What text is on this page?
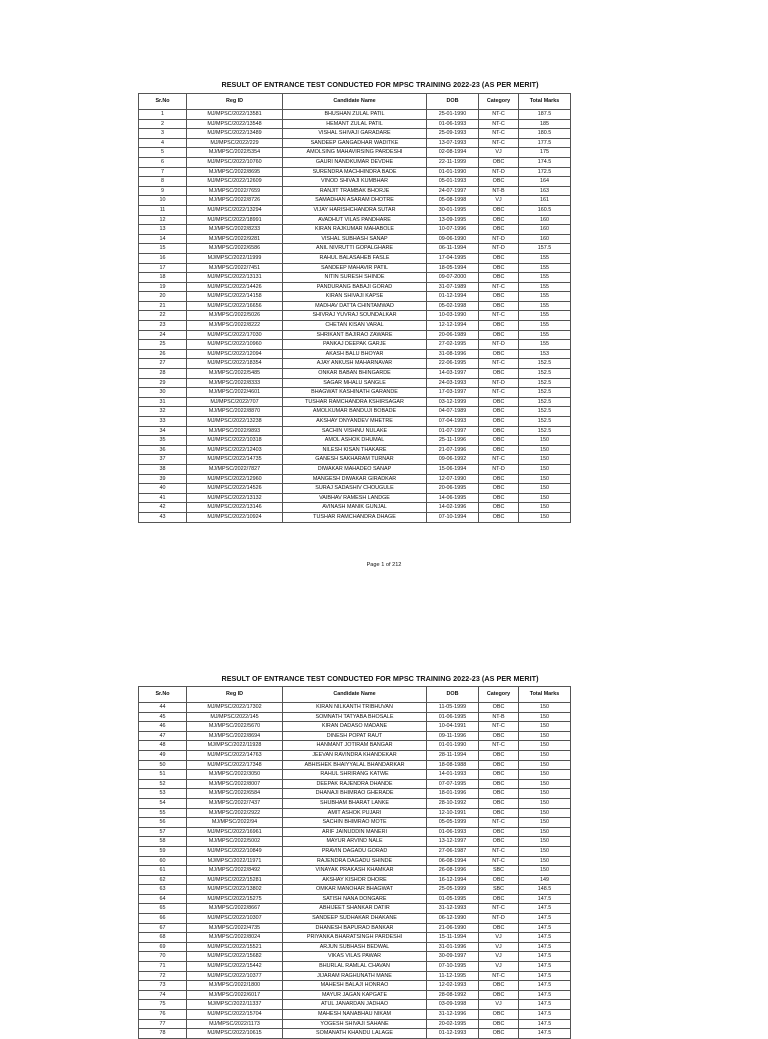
RESULT OF ENTRANCE TEST CONDUCTED FOR MPSC TRAINING 2022-23 (AS PER MERIT)
Sr.No	Reg ID	Candidate Name	DOB	Category	Total Marks
1	MJ/MPSC/2022/13581	BHUSHAN ZULAL PATIL	25-01-1990	NT-C	187.5
2	MJ/MPSC/2022/13548	HEMANT ZULAL PATIL	01-06-1993	NT-C	185
3	MJ/MPSC/2022/13489	VISHAL SHIVAJI GARADARE	25-09-1993	NT-C	180.5
4	MJ/MPSC/2022/229	SANDEEP GANGADHAR WADITKE	13-07-1993	NT-C	177.5
5	MJ/MPSC/2022/5354	AMOLSING MAHAVIRSING PARDESHI	02-08-1994	VJ	175
6	MJ/MPSC/2022/10760	GAURI NANDKUMAR DEVDHE	22-11-1999	OBC	174.5
7	MJ/MPSC/2022/8695	SURENDRA MACHHINDRA BADE	01-01-1990	NT-D	172.5
8	MJ/MPSC/2022/12609	VINOD SHIVAJI KUMBHAR	05-01-1993	OBC	164
9	MJ/MPSC/2022/7659	RANJIT TRAMBAK BHORJE	24-07-1997	NT-B	163
10	MJ/MPSC/2022/8726	SAMADHAN ASARAM DHOTRE	05-08-1998	VJ	161
11	MJ/MPSC/2022/13294	VIJAY HARISHCHANDRA SUTAR	30-01-1995	OBC	160.5
12	MJ/MPSC/2022/18991	AVADHUT VILAS PANDHARE	13-09-1995	OBC	160
13	MJ/MPSC/2022/8233	KIRAN RAJKUMAR MAHABOLE	10-07-1996	OBC	160
14	MJ/MPSC/2022/9281	VISHAL SUBHASH SANAP	09-06-1990	NT-D	160
15	MJ/MPSC/2022/6586	ANIL NIVRUTTI GOPALGHARE	06-11-1994	NT-D	157.5
16	MJ/MPSC/2022/11999	RAHUL BALASAHEB FASLE	17-04-1995	OBC	155
17	MJ/MPSC/2022/7451	SANDEEP MAHAVIR PATIL	18-05-1994	OBC	155
18	MJ/MPSC/2022/13131	NITIN SURESH SHINDE	09-07-2000	OBC	155
19	MJ/MPSC/2022/14426	PANDURANG BABAJI GORAD	31-07-1989	NT-C	155
20	MJ/MPSC/2022/14158	KIRAN SHIVAJI KAPSE	01-12-1994	OBC	155
21	MJ/MPSC/2022/16656	MADHAV DATTA CHINTAMWAD	05-02-1998	OBC	155
22	MJ/MPSC/2022/5026	SHIVRAJ YUVRAJ SOUNDALKAR	10-03-1990	NT-C	155
23	MJ/MPSC/2022/8222	CHETAN KISAN VARAL	12-12-1994	OBC	155
24	MJ/MPSC/2022/17030	SHRIKANT BAJIRAO ZAWARE	20-06-1989	OBC	155
25	MJ/MPSC/2022/10960	PANKAJ DEEPAK GARJE	27-02-1995	NT-D	155
26	MJ/MPSC/2022/12094	AKASH BALU BHOYAR	31-08-1996	OBC	153
27	MJ/MPSC/2022/18354	AJAY ANKUSH MAHARNAVAR	22-06-1995	NT-C	152.5
28	MJ/MPSC/2022/5485	ONKAR BABAN BHINGARDE	14-03-1997	OBC	152.5
29	MJ/MPSC/2022/8333	SAGAR MHALU SANGLE	24-03-1993	NT-D	152.5
30	MJ/MPSC/2022/4601	BHAGWAT KASHINATH GARANDE	17-03-1997	NT-C	152.5
31	MJ/MPSC/2022/707	TUSHAR RAMCHANDRA KSHIRSAGAR	03-12-1999	OBC	152.5
32	MJ/MPSC/2022/8870	AMOLKUMAR BANDUJI BOBADE	04-07-1989	OBC	152.5
33	MJ/MPSC/2022/13238	AKSHAY DNYANDEV MHETRE	07-04-1993	OBC	152.5
34	MJ/MPSC/2022/9893	SACHIN VISHNU NULAKE	01-07-1997	OBC	152.5
35	MJ/MPSC/2022/10318	AMOL ASHOK DHUMAL	25-11-1996	OBC	150
36	MJ/MPSC/2022/12403	NILESH KISAN THAKARE	21-07-1996	OBC	150
37	MJ/MPSC/2022/14735	GANESH SAKHARAM TURNAR	09-06-1992	NT-C	150
38	MJ/MPSC/2022/7827	DIWAKAR MAHADEO SANAP	15-06-1994	NT-D	150
39	MJ/MPSC/2022/12960	MANGESH DIWAKAR GIRADKAR	12-07-1990	OBC	150
40	MJ/MPSC/2022/14526	SURAJ SADASHIV CHOUGULE	20-06-1995	OBC	150
41	MJ/MPSC/2022/13132	VAIBHAV RAMESH LANDGE	14-06-1995	OBC	150
42	MJ/MPSC/2022/13146	AVINASH MANIK GUNJAL	14-02-1996	OBC	150
43	MJ/MPSC/2022/10924	TUSHAR RAMCHANDRA DHAGE	07-10-1994	OBC	150
Page 1 of 212
RESULT OF ENTRANCE TEST CONDUCTED FOR MPSC TRAINING 2022-23 (AS PER MERIT)
Sr.No	Reg ID	Candidate Name	DOB	Category	Total Marks
44	MJ/MPSC/2022/17302	KIRAN NILKANTH TRIBHUVAN	11-05-1999	OBC	150
45	MJ/MPSC/2022/145	SOMNATH TATYABA BHOSALE	01-06-1995	NT-B	150
46	MJ/MPSC/2022/5670	KIRAN DADASO MADANE	10-04-1991	NT-C	150
47	MJ/MPSC/2022/8694	DINESH POPAT RAUT	09-11-1996	OBC	150
48	MJ/MPSC/2022/11928	HANMANT JOTIRAM BANGAR	01-01-1990	NT-C	150
49	MJ/MPSC/2022/14763	JEEVAN RAVINDRA KHANDEKAR	28-11-1994	OBC	150
50	MJ/MPSC/2022/17348	ABHISHEK BHAIYYALAL BHANDARKAR	18-08-1988	OBC	150
51	MJ/MPSC/2022/3050	RAHUL SHRIRANG KATWE	14-01-1993	OBC	150
52	MJ/MPSC/2022/8007	DEEPAK RAJENDRA DHANDE	07-07-1995	OBC	150
53	MJ/MPSC/2022/6584	DHANAJI BHIMRAO GHERADE	18-01-1996	OBC	150
54	MJ/MPSC/2022/7437	SHUBHAM BHARAT LANKE	28-10-1992	OBC	150
55	MJ/MPSC/2022/2922	AMIT ASHOK PUJARI	12-10-1991	OBC	150
56	MJ/MPSC/2022/94	SACHIN BHIMRAO MOTE	05-05-1999	NT-C	150
57	MJ/MPSC/2022/16961	ARIF JAINUDDIN MANERI	01-06-1993	OBC	150
58	MJ/MPSC/2022/5002	MAYUR ARVIND NALE	13-12-1997	OBC	150
59	MJ/MPSC/2022/10849	PRAVIN DAGADU GORAD	27-06-1987	NT-C	150
60	MJ/MPSC/2022/11971	RAJENDRA DAGADU SHINDE	06-08-1994	NT-C	150
61	MJ/MPSC/2022/8492	VINAYAK PRAKASH KHAMKAR	26-08-1996	SBC	150
62	MJ/MPSC/2022/15281	AKSHAY KISHOR DHORE	16-12-1994	OBC	149
63	MJ/MPSC/2022/13802	OMKAR MANOHAR BHAGWAT	25-05-1999	SBC	148.5
64	MJ/MPSC/2022/15275	SATISH NANA DONGARE	01-05-1995	OBC	147.5
65	MJ/MPSC/2022/8667	ABHIJEET SHANKAR DATIR	31-12-1993	NT-C	147.5
66	MJ/MPSC/2022/10307	SANDEEP SUDHAKAR DHAKANE	06-12-1990	NT-D	147.5
67	MJ/MPSC/2022/4735	DHANESH BAPURAO BANKAR	21-06-1990	OBC	147.5
68	MJ/MPSC/2022/8024	PRIYANKA BHARATSINGH PARDESHI	15-11-1994	VJ	147.5
69	MJ/MPSC/2022/15521	ARJUN SUBHASH BEDWAL	31-01-1996	VJ	147.5
70	MJ/MPSC/2022/15682	VIKAS VILAS PAWAR	30-09-1997	VJ	147.5
71	MJ/MPSC/2022/15442	BHURLAL RAMLAL CHAVAN	07-10-1995	VJ	147.5
72	MJ/MPSC/2022/10377	JIJARAM RAGHUNATH MANE	11-12-1995	NT-C	147.5
73	MJ/MPSC/2022/1800	MAHESH BALAJI HONRAO	12-02-1993	OBC	147.5
74	MJ/MPSC/2022/6017	MAYUR JAGAN KAPGATE	28-08-1992	OBC	147.5
75	MJ/MPSC/2022/11337	ATUL JANARDAN JADHAO	03-09-1998	VJ	147.5
76	MJ/MPSC/2022/15704	MAHESH NANABHAU NIKAM	31-12-1996	OBC	147.5
77	MJ/MPSC/2022/1173	YOGESH SHIVAJI SAHANE	20-02-1995	OBC	147.5
78	MJ/MPSC/2022/10615	SOMANATH KHANDU LALAGE	01-12-1993	OBC	147.5
